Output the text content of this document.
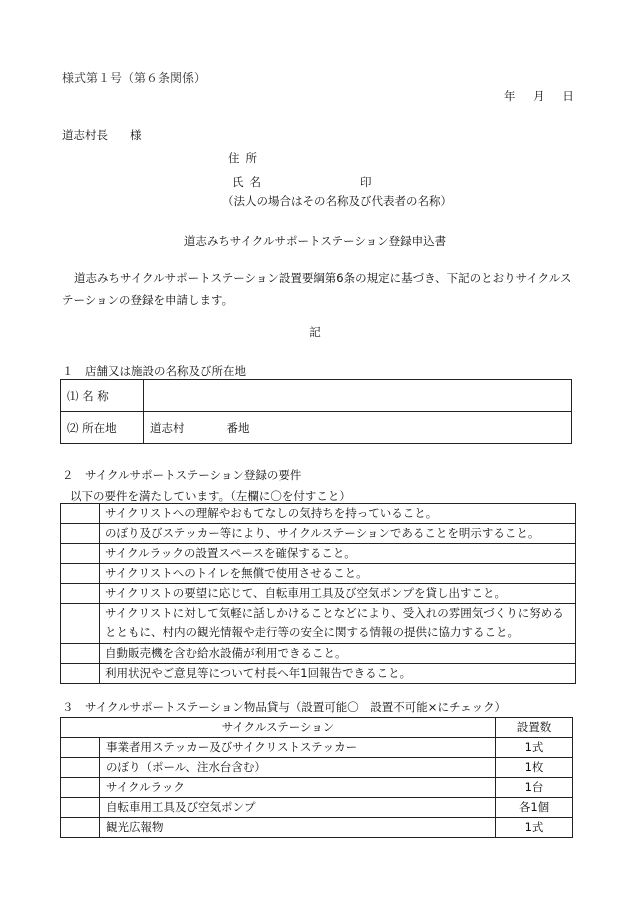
様式第１号（第６条関係）
年 月 日
道志村長 様
住所
氏名	印
（法人の場合はその名称及び代表者の名称）
道志みちサイクルサポートステーション登録申込書
道志みちサイクルサポートステーション設置要綱第6条の規定に基づき、下記のとおりサイクルステーションの登録を申請します。
記
１　店舗又は施設の名称及び所在地
⑴ 名 称	
⑵ 所在地	道志村 番地
２　サイクルサポートステーション登録の要件
以下の要件を満たしています。（左欄に〇を付すこと）
	サイクリストへの理解やおもてなしの気持ちを持っていること。
	のぼり及びステッカー等により、サイクルステーションであることを明示すること。
	サイクルラックの設置スペースを確保すること。
	サイクリストへのトイレを無償で使用させること。
	サイクリストの要望に応じて、自転車用工具及び空気ポンプを貸し出すこと。
	サイクリストに対して気軽に話しかけることなどにより、受入れの雰囲気づくりに努めるとともに、村内の観光情報や走行等の安全に関する情報の提供に協力すること。
	自動販売機を含む給水設備が利用できること。
	利用状況やご意見等について村長へ年1回報告できること。
３　サイクルサポートステーション物品貸与（設置可能〇　設置不可能×にチェック）
サイクルステーション		設置数
	事業者用ステッカー及びサイクリストステッカー	1式
	のぼり（ポール、注水台含む）	1枚
	サイクルラック	1台
	自転車用工具及び空気ポンプ	各1個
	観光広報物	1式
